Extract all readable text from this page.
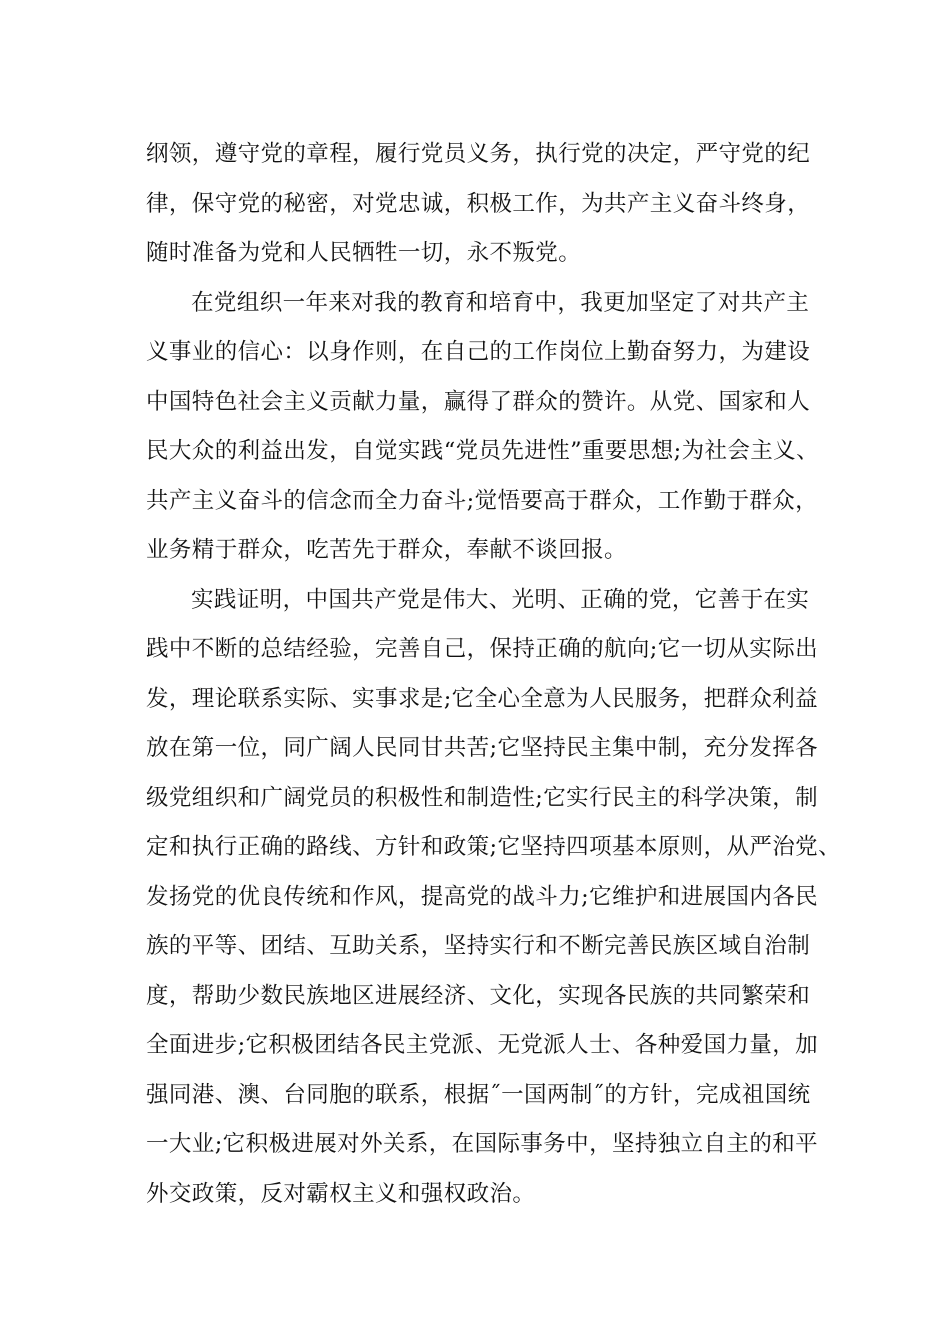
纲领，遵守党的章程，履行党员义务，执行党的决定，严守党的纪
律，保守党的秘密，对党忠诚，积极工作，为共产主义奋斗终身，
随时准备为党和人民牺牲一切，永不叛党。
在党组织一年来对我的教育和培育中，我更加坚定了对共产主
义事业的信心：以身作则，在自己的工作岗位上勤奋努力，为建设
中国特色社会主义贡献力量，赢得了群众的赞许。从党、国家和人
民大众的利益出发，自觉实践“党员先进性”重要思想;为社会主义、
共产主义奋斗的信念而全力奋斗;觉悟要高于群众，工作勤于群众，
业务精于群众，吃苦先于群众，奉献不谈回报。
实践证明，中国共产党是伟大、光明、正确的党，它善于在实
践中不断的总结经验，完善自己，保持正确的航向;它一切从实际出
发，理论联系实际、实事求是;它全心全意为人民服务，把群众利益
放在第一位，同广阔人民同甘共苦;它坚持民主集中制，充分发挥各
级党组织和广阔党员的积极性和制造性;它实行民主的科学决策，制
定和执行正确的路线、方针和政策;它坚持四项基本原则，从严治党、
发扬党的优良传统和作风，提高党的战斗力;它维护和进展国内各民
族的平等、团结、互助关系，坚持实行和不断完善民族区域自治制
度，帮助少数民族地区进展经济、文化，实现各民族的共同繁荣和
全面进步;它积极团结各民主党派、无党派人士、各种爱国力量，加
强同港、澳、台同胞的联系，根据˝一国两制˝的方针，完成祖国统
一大业;它积极进展对外关系，在国际事务中，坚持独立自主的和平
外交政策，反对霸权主义和强权政治。
